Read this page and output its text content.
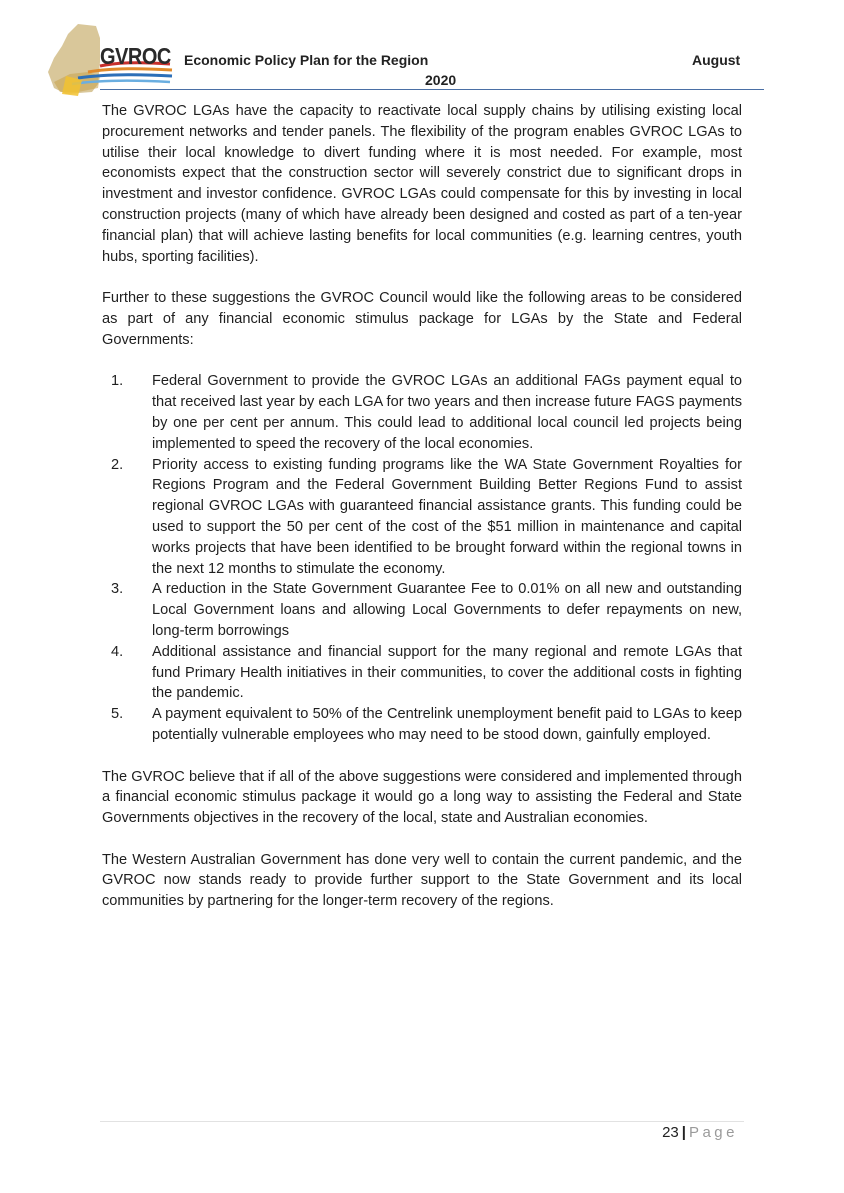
GVROC Economic Policy Plan for the Region	August
2020

The GVROC LGAs have the capacity to reactivate local supply chains by utilising existing local procurement networks and tender panels. The flexibility of the program enables GVROC LGAs to utilise their local knowledge to divert funding where it is most needed. For example, most economists expect that the construction sector will severely constrict due to significant drops in investment and investor confidence. GVROC LGAs could compensate for this by investing in local construction projects (many of which have already been designed and costed as part of a ten-year financial plan) that will achieve lasting benefits for local communities (e.g. learning centres, youth hubs, sporting facilities).

Further to these suggestions the GVROC Council would like the following areas to be considered as part of any financial economic stimulus package for LGAs by the State and Federal Governments:

1.	Federal Government to provide the GVROC LGAs an additional FAGs payment equal to that received last year by each LGA for two years and then increase future FAGS payments by one per cent per annum. This could lead to additional local council led projects being implemented to speed the recovery of the local economies.
2.	Priority access to existing funding programs like the WA State Government Royalties for Regions Program and the Federal Government Building Better Regions Fund to assist regional GVROC LGAs with guaranteed financial assistance grants. This funding could be used to support the 50 per cent of the cost of the $51 million in maintenance and capital works projects that have been identified to be brought forward within the regional towns in the next 12 months to stimulate the economy.
3.	A reduction in the State Government Guarantee Fee to 0.01% on all new and outstanding Local Government loans and allowing Local Governments to defer repayments on new, long-term borrowings
4.	Additional assistance and financial support for the many regional and remote LGAs that fund Primary Health initiatives in their communities, to cover the additional costs in fighting the pandemic.
5.	A payment equivalent to 50% of the Centrelink unemployment benefit paid to LGAs to keep potentially vulnerable employees who may need to be stood down, gainfully employed.

The GVROC believe that if all of the above suggestions were considered and implemented through a financial economic stimulus package it would go a long way to assisting the Federal and State Governments objectives in the recovery of the local, state and Australian economies.

The Western Australian Government has done very well to contain the current pandemic, and the GVROC now stands ready to provide further support to the State Government and its local communities by partnering for the longer-term recovery of the regions.

23 | Page
